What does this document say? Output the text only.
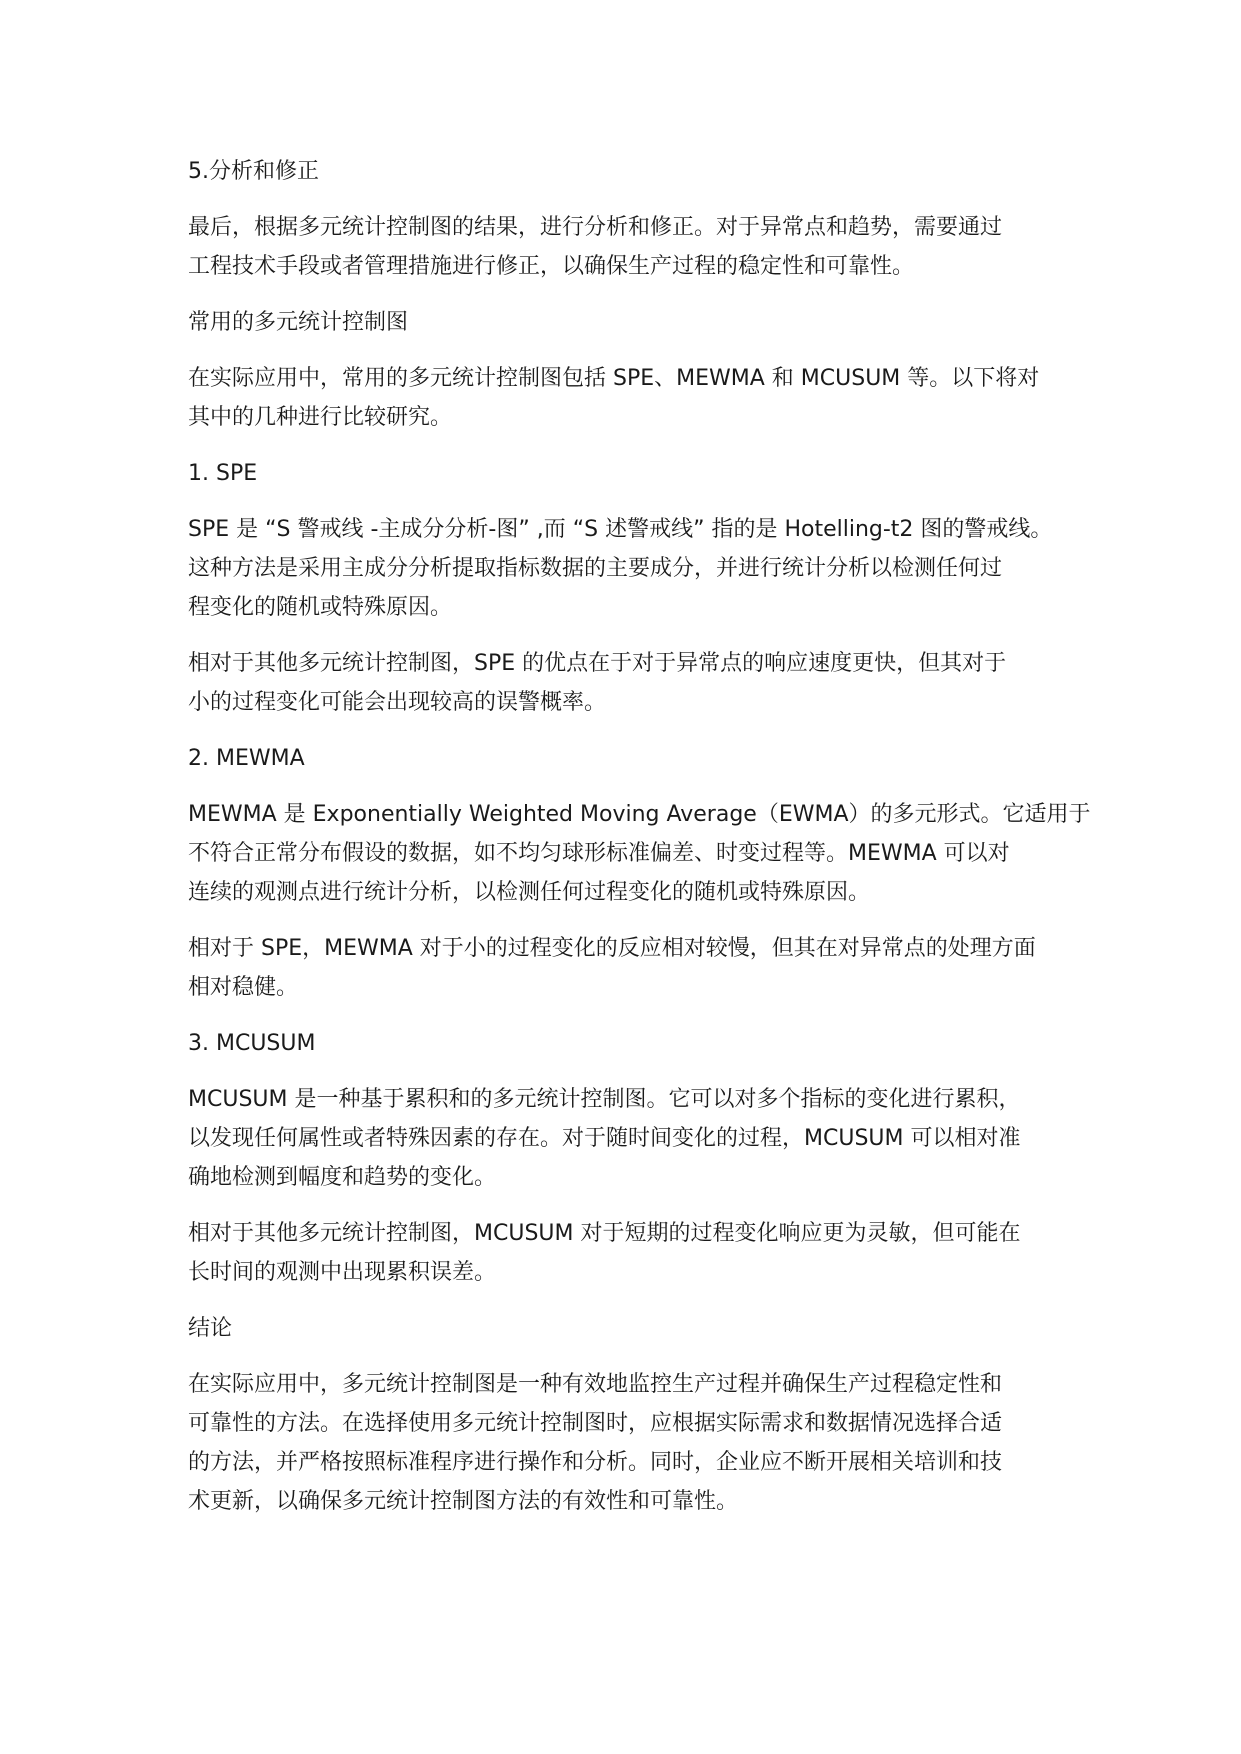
5.分析和修正
最后，根据多元统计控制图的结果，进行分析和修正。对于异常点和趋势，需要通过
工程技术手段或者管理措施进行修正，以确保生产过程的稳定性和可靠性。
常用的多元统计控制图
在实际应用中，常用的多元统计控制图包括 SPE、MEWMA 和 MCUSUM 等。以下将对
其中的几种进行比较研究。
1. SPE
SPE 是 “S 警戒线 -主成分分析-图” ,而 “S 述警戒线” 指的是 Hotelling-t2 图的警戒线。
这种方法是采用主成分分析提取指标数据的主要成分，并进行统计分析以检测任何过
程变化的随机或特殊原因。
相对于其他多元统计控制图，SPE 的优点在于对于异常点的响应速度更快，但其对于
小的过程变化可能会出现较高的误警概率。
2. MEWMA
MEWMA 是 Exponentially Weighted Moving Average（EWMA）的多元形式。它适用于
不符合正常分布假设的数据，如不均匀球形标准偏差、时变过程等。MEWMA 可以对
连续的观测点进行统计分析，以检测任何过程变化的随机或特殊原因。
相对于 SPE，MEWMA 对于小的过程变化的反应相对较慢，但其在对异常点的处理方面
相对稳健。
3. MCUSUM
MCUSUM 是一种基于累积和的多元统计控制图。它可以对多个指标的变化进行累积，
以发现任何属性或者特殊因素的存在。对于随时间变化的过程，MCUSUM 可以相对准
确地检测到幅度和趋势的变化。
相对于其他多元统计控制图，MCUSUM 对于短期的过程变化响应更为灵敏，但可能在
长时间的观测中出现累积误差。
结论
在实际应用中，多元统计控制图是一种有效地监控生产过程并确保生产过程稳定性和
可靠性的方法。在选择使用多元统计控制图时，应根据实际需求和数据情况选择合适
的方法，并严格按照标准程序进行操作和分析。同时，企业应不断开展相关培训和技
术更新，以确保多元统计控制图方法的有效性和可靠性。
